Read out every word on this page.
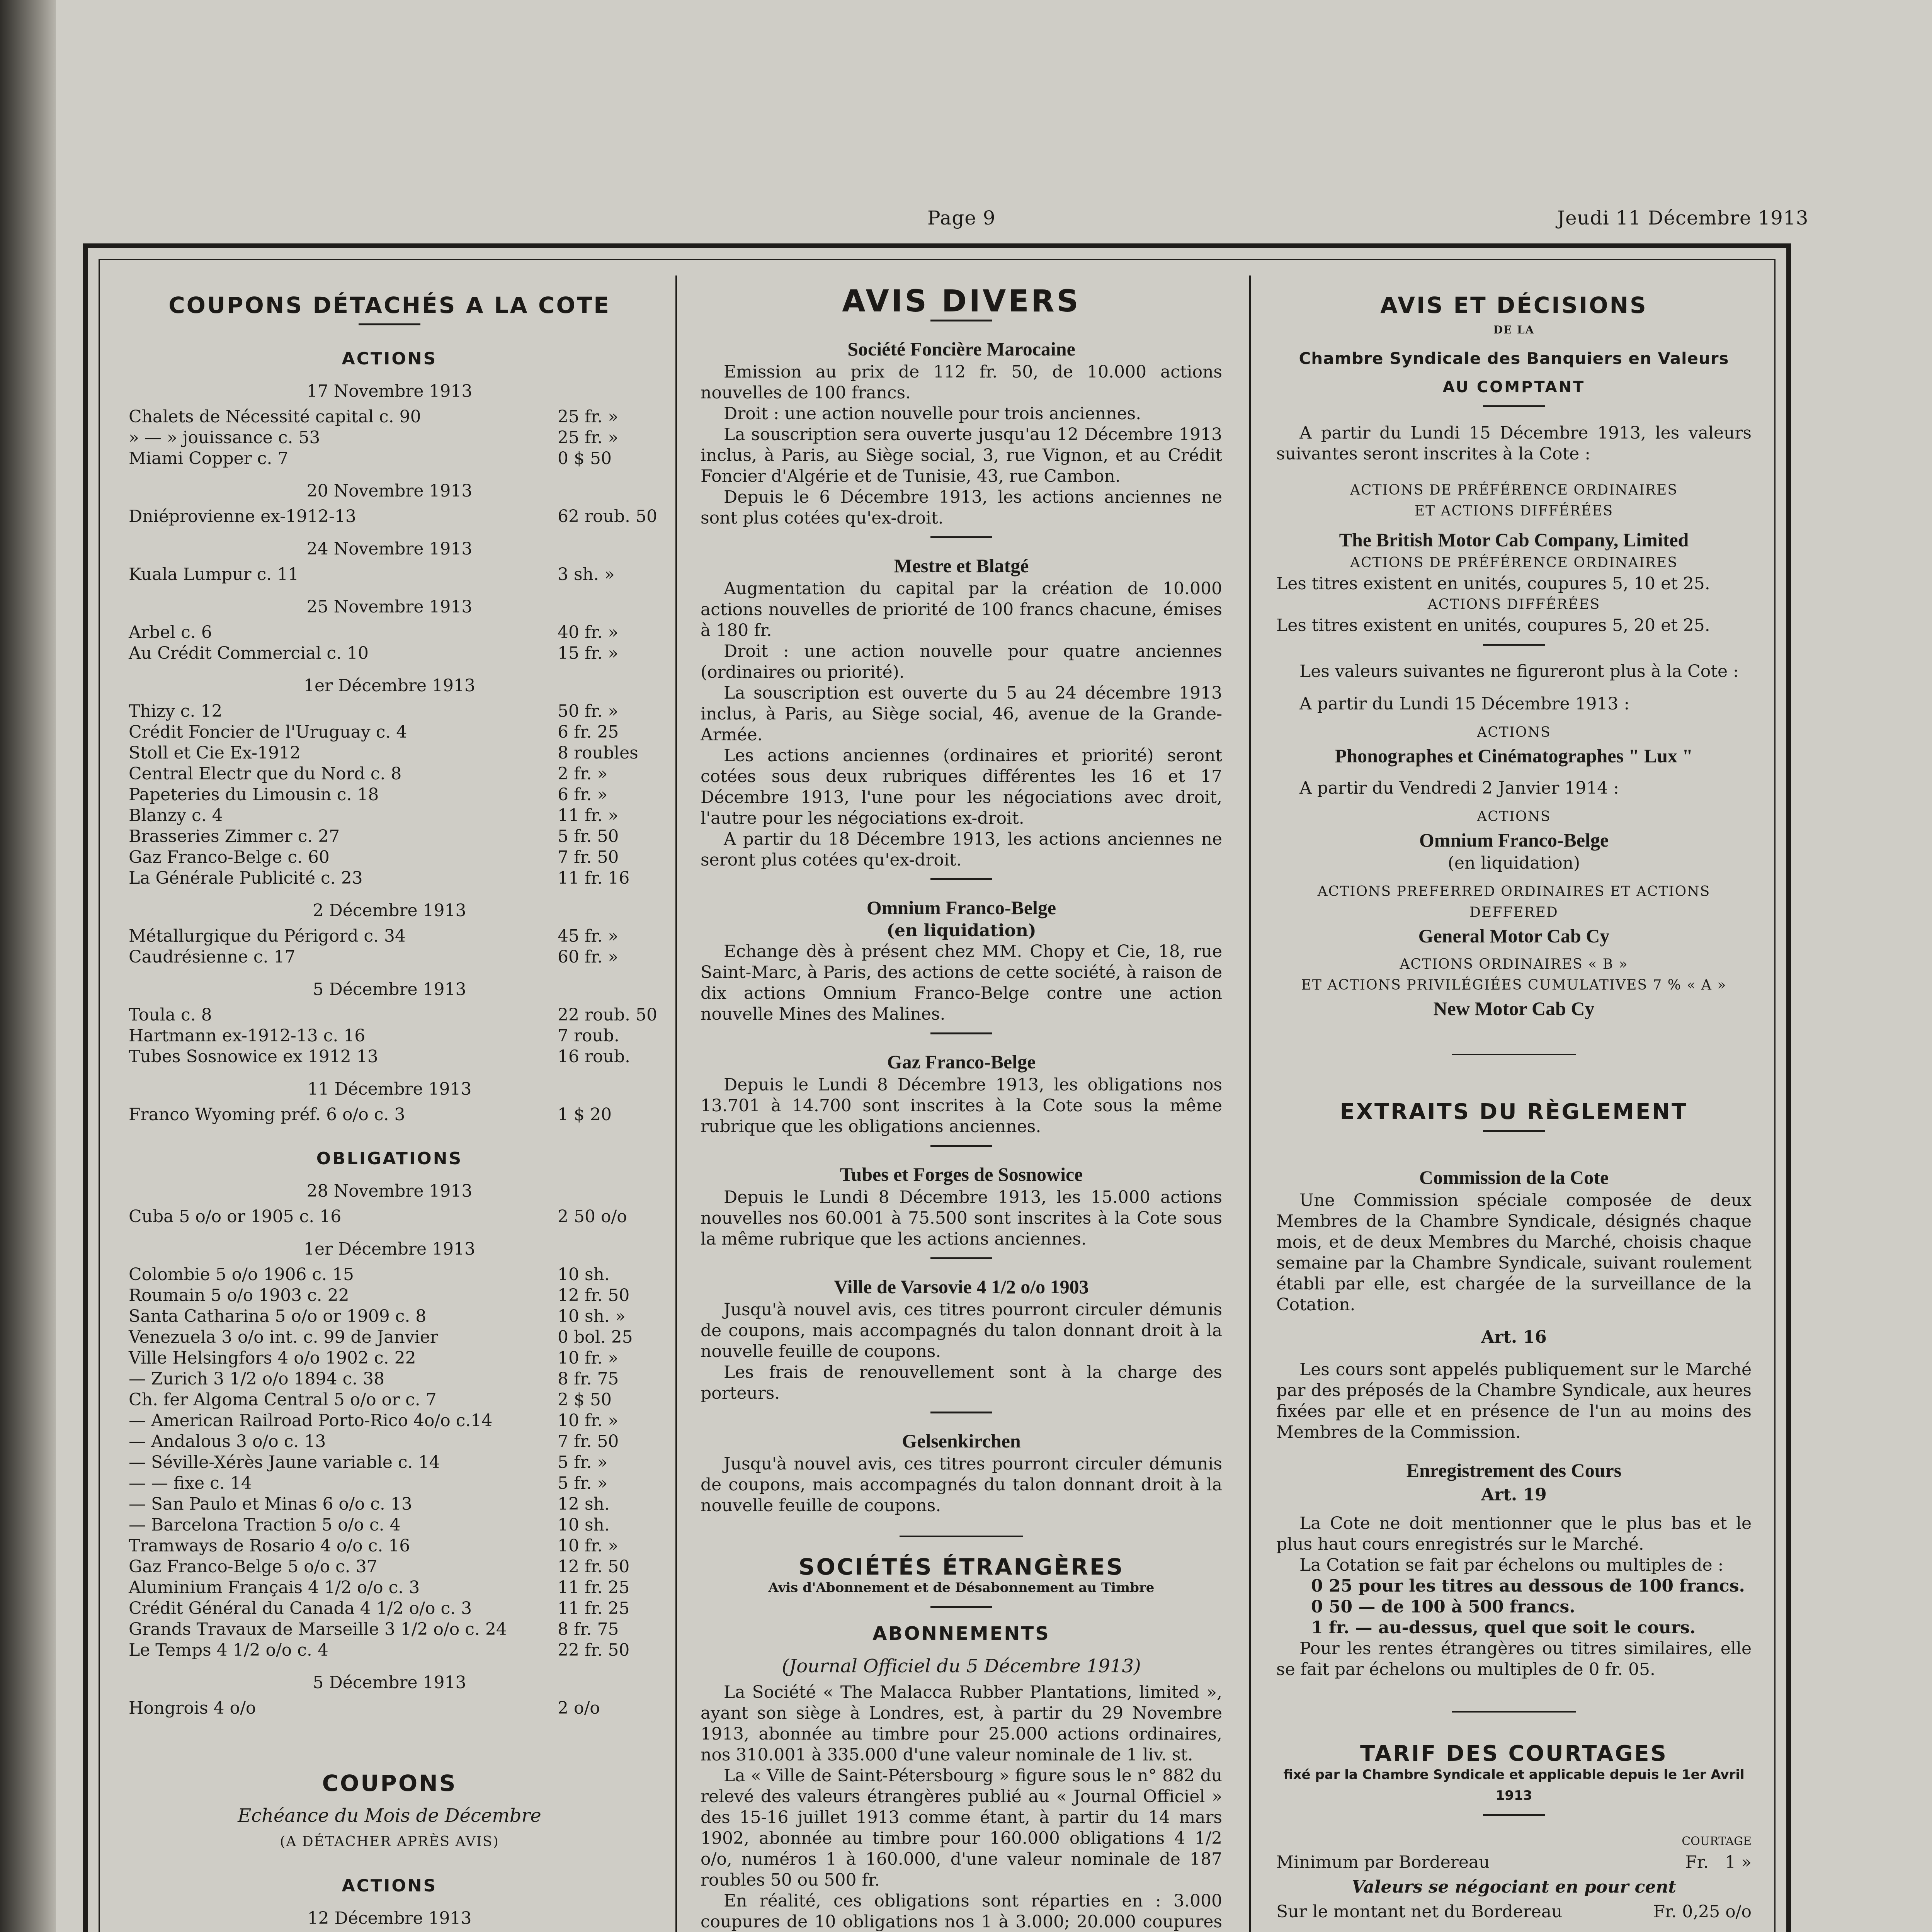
Page 9	Jeudi 11 Décembre 1913
COUPONS DÉTACHÉS A LA COTE
ACTIONS
17 Novembre 1913
Chalets de Nécessité capital c. 90	25 fr. »
» — » jouissance c. 53	25 fr. »
Miami Copper c. 7	0 $ 50
20 Novembre 1913
Dniéprovienne ex-1912-13	62 roub. 50
24 Novembre 1913
Kuala Lumpur c. 11	3 sh. »
25 Novembre 1913
Arbel c. 6	40 fr. »
Au Crédit Commercial c. 10	15 fr. »
1er Décembre 1913
Thizy c. 12	50 fr. »
Crédit Foncier de l'Uruguay c. 4	6 fr. 25
Stoll et Cie Ex-1912	8 roubles
Central Electr que du Nord c. 8	2 fr. »
Papeteries du Limousin c. 18	6 fr. »
Blanzy c. 4	11 fr. »
Brasseries Zimmer c. 27	5 fr. 50
Gaz Franco-Belge c. 60	7 fr. 50
La Générale Publicité c. 23	11 fr. 16
2 Décembre 1913
Métallurgique du Périgord c. 34	45 fr. »
Caudrésienne c. 17	60 fr. »
5 Décembre 1913
Toula c. 8	22 roub. 50
Hartmann ex-1912-13 c. 16	7 roub.
Tubes Sosnowice ex 1912 13	16 roub.
11 Décembre 1913
Franco Wyoming préf. 6 o/o c. 3	1 $ 20
OBLIGATIONS
28 Novembre 1913
Cuba 5 o/o or 1905 c. 16	2 50 o/o
1er Décembre 1913
Colombie 5 o/o 1906 c. 15	10 sh.
Roumain 5 o/o 1903 c. 22	12 fr. 50
Santa Catharina 5 o/o or 1909 c. 8	10 sh. »
Venezuela 3 o/o int. c. 99 de Janvier	0 bol. 25
Ville Helsingfors 4 o/o 1902 c. 22	10 fr. »
— Zurich 3 1/2 o/o 1894 c. 38	8 fr. 75
Ch. fer Algoma Central 5 o/o or c. 7	2 $ 50
— American Railroad Porto-Rico 4o/o c.14	10 fr. »
— Andalous 3 o/o c. 13	7 fr. 50
— Séville-Xérès Jaune variable c. 14	5 fr. »
— — fixe c. 14	5 fr. »
— San Paulo et Minas 6 o/o c. 13	12 sh.
— Barcelona Traction 5 o/o c. 4	10 sh.
Tramways de Rosario 4 o/o c. 16	10 fr. »
Gaz Franco-Belge 5 o/o c. 37	12 fr. 50
Aluminium Français 4 1/2 o/o c. 3	11 fr. 25
Crédit Général du Canada 4 1/2 o/o c. 3	11 fr. 25
Grands Travaux de Marseille 3 1/2 o/o c. 24	8 fr. 75
Le Temps 4 1/2 o/o c. 4	22 fr. 50
5 Décembre 1913
Hongrois 4 o/o	2 o/o
COUPONS
Echéance du Mois de Décembre
(A DÉTACHER APRÈS AVIS)
ACTIONS
12 Décembre 1913
AVIS DIVERS
Société Foncière Marocaine

Emission au prix de 112 fr. 50, de 10.000 actions nouvelles de 100 francs.

Droit : une action nouvelle pour trois anciennes.

La souscription sera ouverte jusqu'au 12 Décembre 1913 inclus, à Paris, au Siège social, 3, rue Vignon, et au Crédit Foncier d'Algérie et de Tunisie, 43, rue Cambon.

Depuis le 6 Décembre 1913, les actions anciennes ne sont plus cotées qu'ex-droit.

Mestre et Blatgé

Augmentation du capital par la création de 10.000 actions nouvelles de priorité de 100 francs chacune, émises à 180 fr.

Droit : une action nouvelle pour quatre anciennes (ordinaires ou priorité).

La souscription est ouverte du 5 au 24 décembre 1913 inclus, à Paris, au Siège social, 46, avenue de la Grande-Armée.

Les actions anciennes (ordinaires et priorité) seront cotées sous deux rubriques différentes les 16 et 17 Décembre 1913, l'une pour les négociations avec droit, l'autre pour les négociations ex-droit.

A partir du 18 Décembre 1913, les actions anciennes ne seront plus cotées qu'ex-droit.

Omnium Franco-Belge
(en liquidation)

Echange dès à présent chez MM. Chopy et Cie, 18, rue Saint-Marc, à Paris, des actions de cette société, à raison de dix actions Omnium Franco-Belge contre une action nouvelle Mines des Malines.

Gaz Franco-Belge

Depuis le Lundi 8 Décembre 1913, les obligations nos 13.701 à 14.700 sont inscrites à la Cote sous la même rubrique que les obligations anciennes.

Tubes et Forges de Sosnowice

Depuis le Lundi 8 Décembre 1913, les 15.000 actions nouvelles nos 60.001 à 75.500 sont inscrites à la Cote sous la même rubrique que les actions anciennes.

Ville de Varsovie 4 1/2 o/o 1903

Jusqu'à nouvel avis, ces titres pourront circuler démunis de coupons, mais accompagnés du talon donnant droit à la nouvelle feuille de coupons.

Les frais de renouvellement sont à la charge des porteurs.

Gelsenkirchen

Jusqu'à nouvel avis, ces titres pourront circuler démunis de coupons, mais accompagnés du talon donnant droit à la nouvelle feuille de coupons.

SOCIÉTÉS ÉTRANGÈRES
Avis d'Abonnement et de Désabonnement au Timbre
ABONNEMENTS
(Journal Officiel du 5 Décembre 1913)

La Société « The Malacca Rubber Plantations, limited », ayant son siège à Londres, est, à partir du 29 Novembre 1913, abonnée au timbre pour 25.000 actions ordinaires, nos 310.001 à 335.000 d'une valeur nominale de 1 liv. st.

La « Ville de Saint-Pétersbourg » figure sous le n° 882 du relevé des valeurs étrangères publié au « Journal Officiel » des 15-16 juillet 1913 comme étant, à partir du 14 mars 1902, abonnée au timbre pour 160.000 obligations 4 1/2 o/o, numéros 1 à 160.000, d'une valeur nominale de 187 roubles 50 ou 500 fr.

En réalité, ces obligations sont réparties en : 3.000 coupures de 10 obligations nos 1 à 3.000; 20.000 coupures

AVIS ET DÉCISIONS
DE LA
Chambre Syndicale des Banquiers en Valeurs
AU COMPTANT

A partir du Lundi 15 Décembre 1913, les valeurs suivantes seront inscrites à la Cote :

ACTIONS DE PRÉFÉRENCE ORDINAIRES
ET ACTIONS DIFFÉRÉES
The British Motor Cab Company, Limited
ACTIONS DE PRÉFÉRENCE ORDINAIRES

Les titres existent en unités, coupures 5, 10 et 25.

ACTIONS DIFFÉRÉES

Les titres existent en unités, coupures 5, 20 et 25.

Les valeurs suivantes ne figureront plus à la Cote :

A partir du Lundi 15 Décembre 1913 :

ACTIONS
Phonographes et Cinématographes " Lux "

A partir du Vendredi 2 Janvier 1914 :

ACTIONS
Omnium Franco-Belge
(en liquidation)
ACTIONS PREFERRED ORDINAIRES ET ACTIONS DEFFERED
General Motor Cab Cy
ACTIONS ORDINAIRES « B »
ET ACTIONS PRIVILÉGIÉES CUMULATIVES 7 % « A »
New Motor Cab Cy
EXTRAITS DU RÈGLEMENT
Commission de la Cote

Une Commission spéciale composée de deux Membres de la Chambre Syndicale, désignés chaque mois, et de deux Membres du Marché, choisis chaque semaine par la Chambre Syndicale, suivant roulement établi par elle, est chargée de la surveillance de la Cotation.

Art. 16

Les cours sont appelés publiquement sur le Marché par des préposés de la Chambre Syndicale, aux heures fixées par elle et en présence de l'un au moins des Membres de la Commission.

Enregistrement des Cours
Art. 19

La Cote ne doit mentionner que le plus bas et le plus haut cours enregistrés sur le Marché.

La Cotation se fait par échelons ou multiples de :

0 25 pour les titres au dessous de 100 francs.
0 50 — de 100 à 500 francs.
1 fr. — au-dessus, quel que soit le cours.

Pour les rentes étrangères ou titres similaires, elle se fait par échelons ou multiples de 0 fr. 05.

TARIF DES COURTAGES
fixé par la Chambre Syndicale et applicable depuis le 1er Avril 1913
COURTAGE
Minimum par Bordereau	Fr. 1 »
Valeurs se négociant en pour cent
Sur le montant net du Bordereau	Fr. 0,25 o/o
